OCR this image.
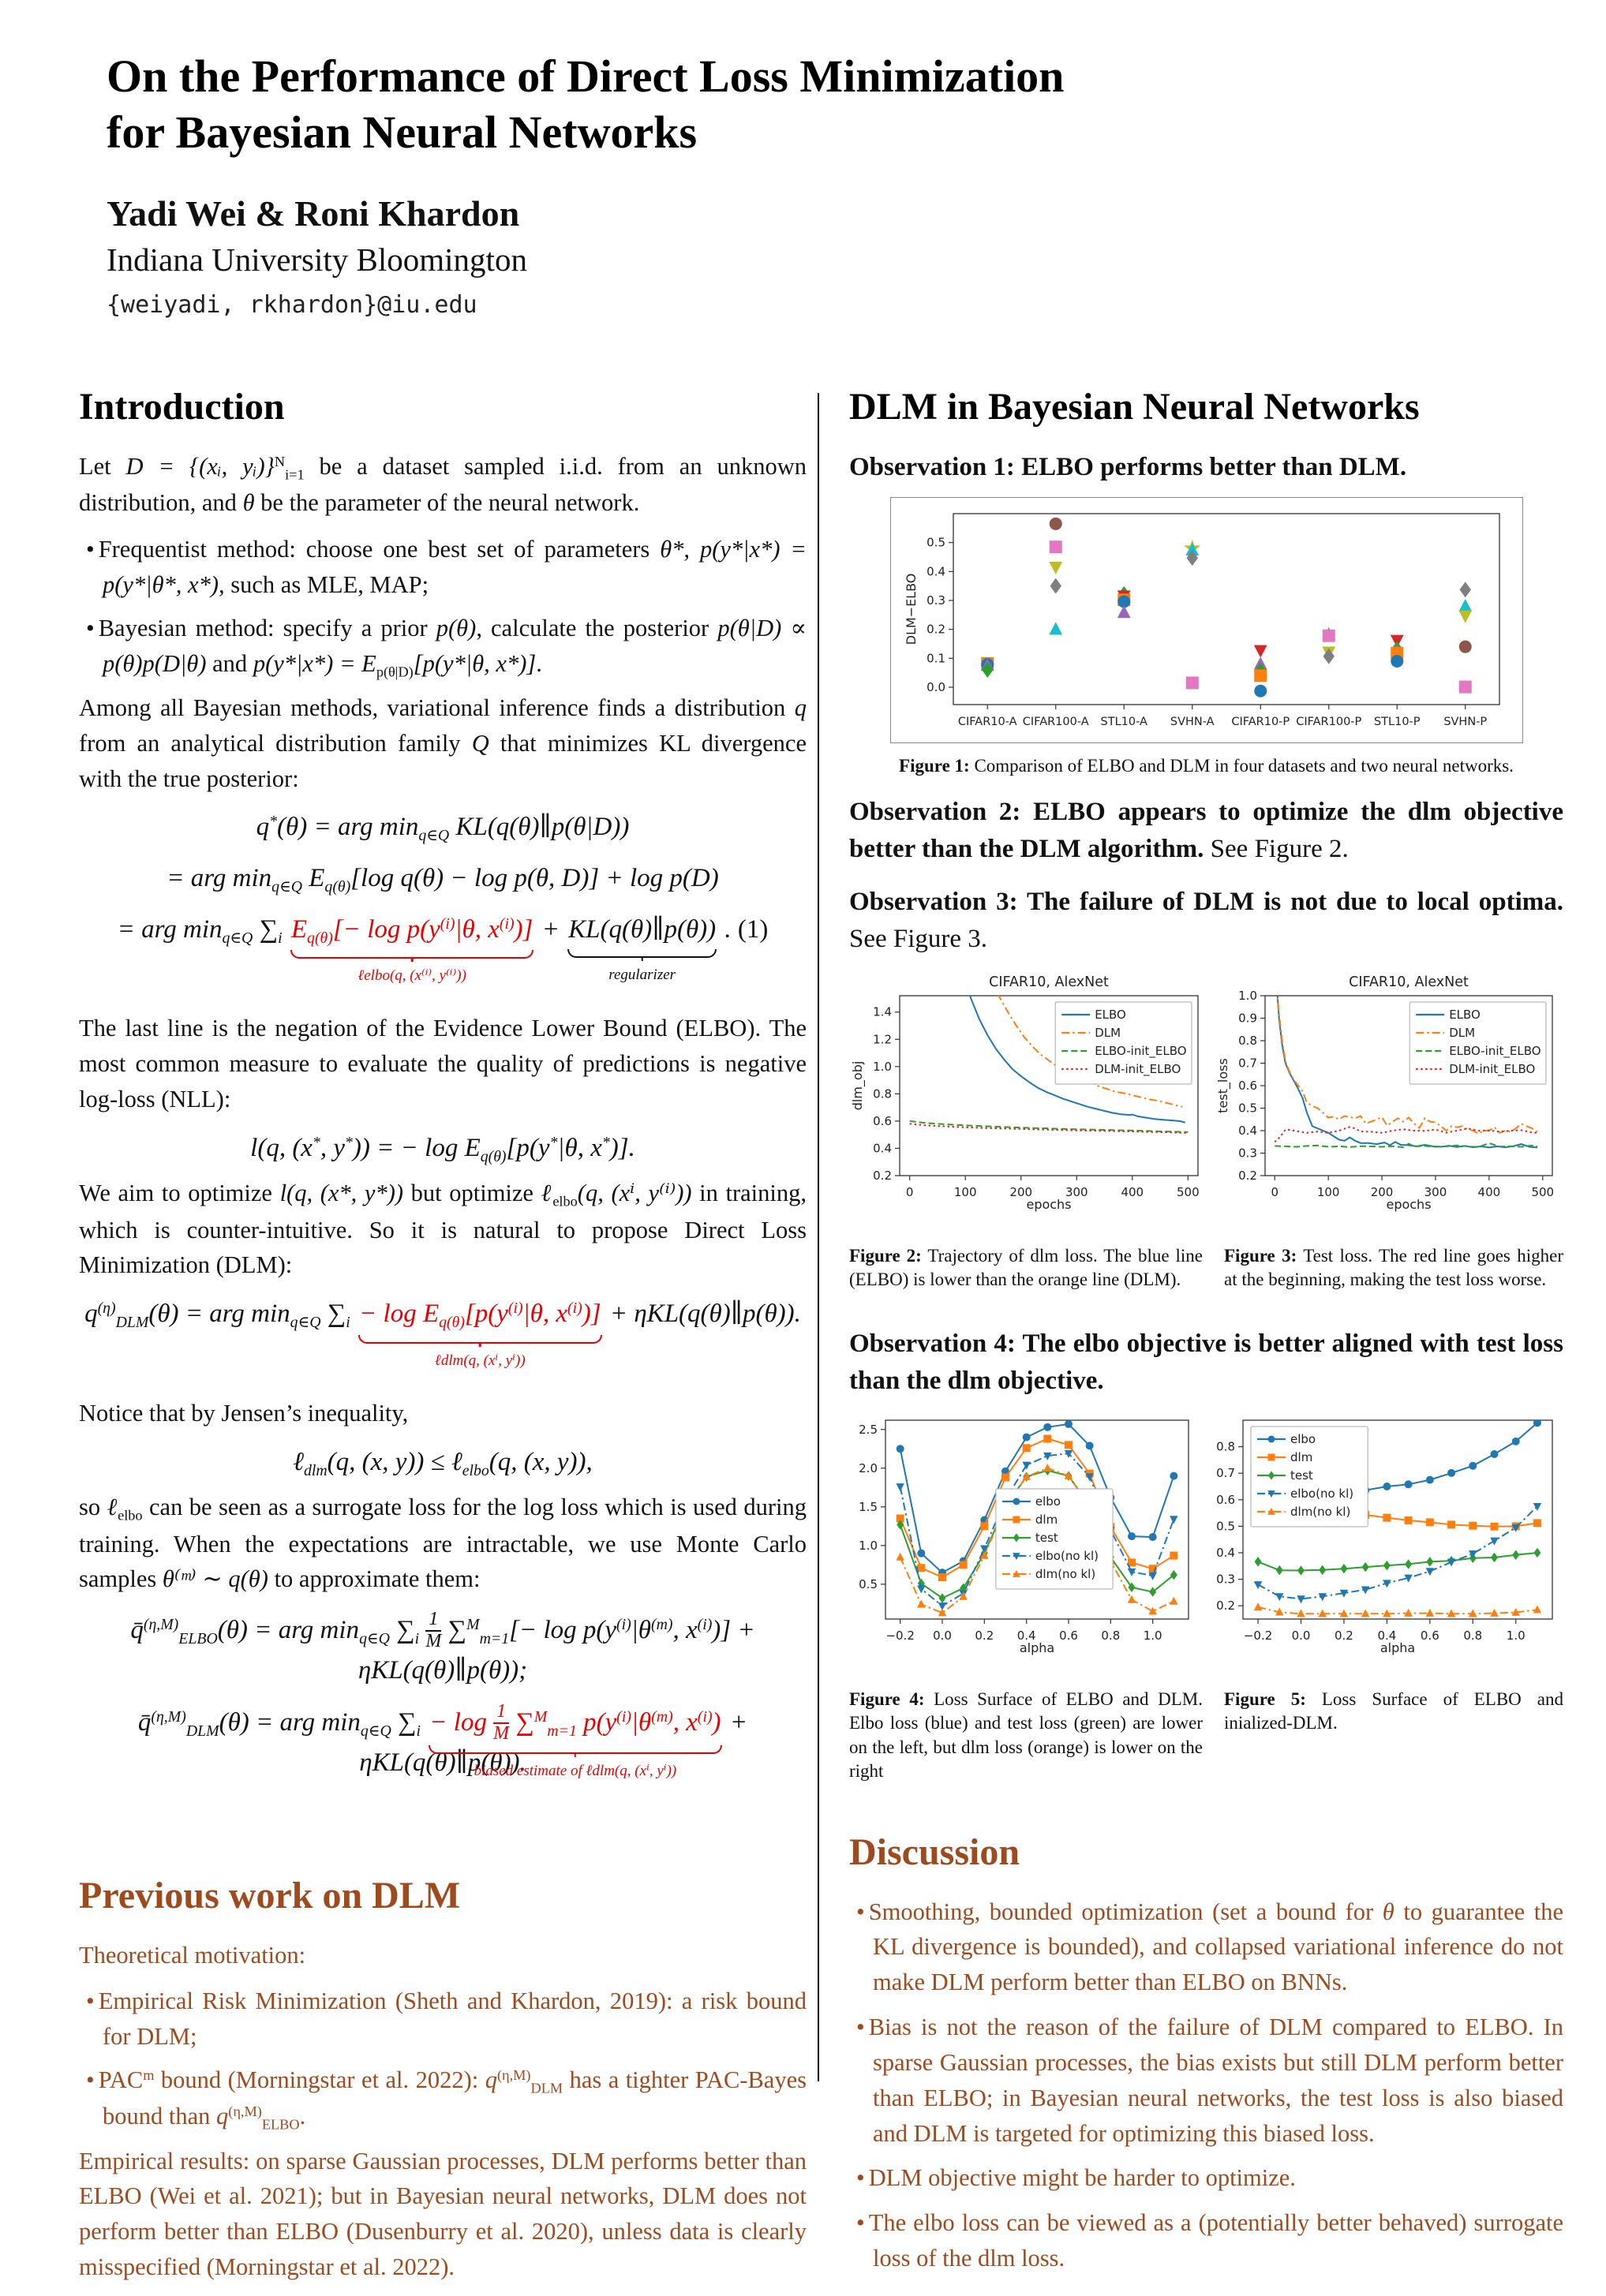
On the Performance of Direct Loss Minimization
for Bayesian Neural Networks
Yadi Wei & Roni Khardon
Indiana University Bloomington
{weiyadi, rkhardon}@iu.edu
Introduction

Let D = {(xᵢ, yᵢ)}$^N_{i=1}$ be a dataset sampled i.i.d. from an unknown distribution, and θ be the parameter of the neural network.

• Frequentist method: choose one best set of parameters θ*, p(y*|x*) = p(y*|θ*, x*), such as MLE, MAP;
• Bayesian method: specify a prior p(θ), calculate the posterior p(θ|D) ∝ p(θ)p(D|θ) and $p(y*|x*) = E_{p(\theta|D)}[p(y*|\theta$, x*)].

Among all Bayesian methods, variational inference finds a distribution q from an analytical distribution family Q that minimizes KL divergence with the true posterior:

q*(θ) = arg $\min_{q\in Q}$ KL(q(θ)∥p(θ|D))
= arg $\min_{q\in Q} E_{q(\theta)}[\log$ q(θ) − log p(θ, D)] + log p(D)
= arg $\min_{q\in Q} \sum_i$ $E_{q(\theta)}[- \log p(y^{(i)}|\theta$, $x^{(i)}$)]
ℓelbo(q, (x⁽ⁱ⁾, y⁽ⁱ⁾))
+ KL(q(θ)∥p(θ))
regularizer
. (1)

The last line is the negation of the Evidence Lower Bound (ELBO). The most common measure to evaluate the quality of predictions is negative log-loss (NLL):

l(q, (x*, y*)) = − $\log E_{q(\theta)}[p(y^*|\theta$, x*)].

We aim to optimize l(q, (x*, y*)) but optimize ℓ$_{elbo}$(q, (xⁱ, y⁽ⁱ⁾)) in training, which is counter-intuitive. So it is natural to propose Direct Loss Minimization (DLM):

$q^{(\eta)}_{DLM}(\theta)$ = arg $\min_{q\in Q} \sum_i - \log E_{q(\theta)}[p(y^{(i)}|\theta$, $x^{(i)}$)]
ℓdlm(q, (xⁱ, yⁱ))
+ ηKL(q(θ)∥p(θ)).

Notice that by Jensen’s inequality,

ℓ$_{dlm}$(q, (x, y)) ≤ ℓ$_{elbo}$(q, (x, y)),

so ℓ$_{elbo}$ can be seen as a surrogate loss for the log loss which is used during training. When the expectations are intractable, we use Monte Carlo samples θ⁽ᵐ⁾ ∼ q(θ) to approximate them:

q̄$^{(\eta,M)}_{ELBO}$(θ) = arg $\min_{q\in Q} \sum_i \frac{1}{M} \sum^M_{m=1}[- \log p(y^{(i)}|\theta^{(m)}$, $x^{(i)}$)] + ηKL(q(θ)∥p(θ));
q̄$^{(\eta,M)}_{DLM}$(θ) = arg $\min_{q\in Q} \sum_i - \log \frac{1}{M} \sum^M_{m=1}$ $p(y^{(i)}|\theta^{(m)}$, $x^{(i)}$)
biased estimate of ℓdlm(q, (xⁱ, yⁱ))
+ ηKL(q(θ)∥p(θ)).
Previous work on DLM

Theoretical motivation:

• Empirical Risk Minimization (Sheth and Khardon, 2019): a risk bound for DLM;
• PAC$^m$ bound (Morningstar et al. 2022): $q^{(\eta,M)}_{DLM}$ has a tighter PAC-Bayes bound than $q^{(\eta,M)}_{ELBO}$.

Empirical results: on sparse Gaussian processes, DLM performs better than ELBO (Wei et al. 2021); but in Bayesian neural networks, DLM does not perform better than ELBO (Dusenburry et al. 2020), unless data is clearly misspecified (Morningstar et al. 2022).

DLM in Bayesian Neural Networks

Observation 1: ELBO performs better than DLM.

0.0
0.1
0.2
0.3
0.4
0.5
CIFAR10-A CIFAR100-A STL10-A SVHN-A CIFAR10-P CIFAR100-P STL10-P SVHN-P
DLM−ELBO

Figure 1: Comparison of ELBO and DLM in four datasets and two neural networks.

Observation 2: ELBO appears to optimize the dlm objective better than the DLM algorithm. See Figure 2.

Observation 3: The failure of DLM is not due to local optima. See Figure 3.

0.2
0.4
0.6
0.8
1.0
1.2
1.4
0	100	200	300	400	500
CIFAR10, AlexNet
epochs
dlm_obj
ELBO
DLM
ELBO-init_ELBO
DLM-init_ELBO
0.2
0.3
0.4
0.5
0.6
0.7
0.8
0.9
1.0
0	100	200	300	400	500
CIFAR10, AlexNet
epochs
test_loss
ELBO
DLM
ELBO-init_ELBO
DLM-init_ELBO

Figure 2: Trajectory of dlm loss. The blue line (ELBO) is lower than the orange line (DLM).

Figure 3: Test loss. The red line goes higher at the beginning, making the test loss worse.

Observation 4: The elbo objective is better aligned with test loss than the dlm objective.

0.5
1.0
1.5
2.0
2.5
−0.2 0.0 0.2 0.4 0.6 0.8 1.0
alpha
elbo
dlm
test
elbo(no kl)
dlm(no kl)
0.2
0.3
0.4
0.5
0.6
0.7
0.8
−0.2 0.0 0.2 0.4 0.6 0.8 1.0
alpha
elbo
dlm
test
elbo(no kl)
dlm(no kl)

Figure 4: Loss Surface of ELBO and DLM. Elbo loss (blue) and test loss (green) are lower on the left, but dlm loss (orange) is lower on the right

Figure 5: Loss Surface of ELBO and inialized-DLM.

Discussion
• Smoothing, bounded optimization (set a bound for θ to guarantee the KL divergence is bounded), and collapsed variational inference do not make DLM perform better than ELBO on BNNs.
• Bias is not the reason of the failure of DLM compared to ELBO. In sparse Gaussian processes, the bias exists but still DLM perform better than ELBO; in Bayesian neural networks, the test loss is also biased and DLM is targeted for optimizing this biased loss.
• DLM objective might be harder to optimize.
• The elbo loss can be viewed as a (potentially better behaved) surrogate loss of the dlm loss.
